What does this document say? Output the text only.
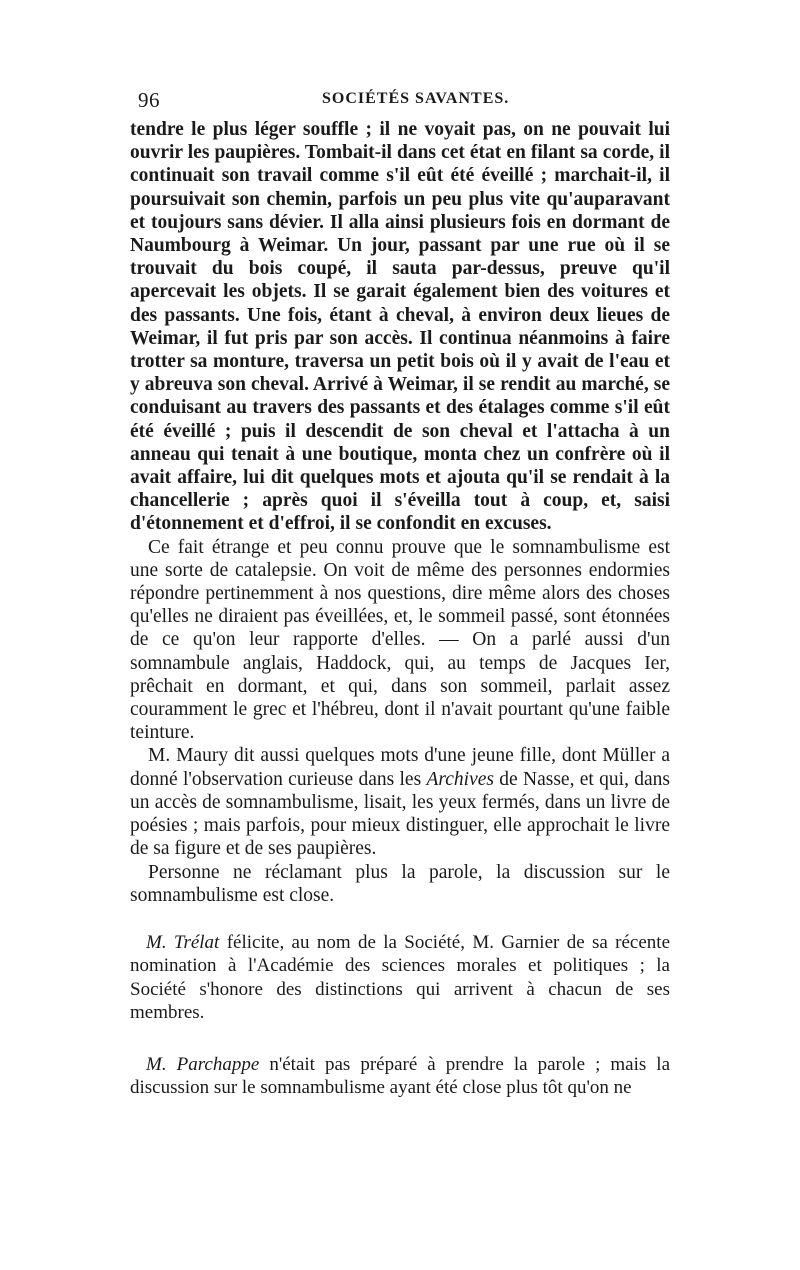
96	SOCIÉTÉS SAVANTES.

tendre le plus léger souffle ; il ne voyait pas, on ne pouvait lui ouvrir les paupières. Tombait-il dans cet état en filant sa corde, il continuait son travail comme s'il eût été éveillé ; marchait-il, il poursuivait son chemin, parfois un peu plus vite qu'auparavant et toujours sans dévier. Il alla ainsi plusieurs fois en dormant de Naumbourg à Weimar. Un jour, passant par une rue où il se trouvait du bois coupé, il sauta par-dessus, preuve qu'il apercevait les objets. Il se garait également bien des voitures et des passants. Une fois, étant à cheval, à environ deux lieues de Weimar, il fut pris par son accès. Il continua néanmoins à faire trotter sa monture, traversa un petit bois où il y avait de l'eau et y abreuva son cheval. Arrivé à Weimar, il se rendit au marché, se conduisant au travers des passants et des étalages comme s'il eût été éveillé ; puis il descendit de son cheval et l'attacha à un anneau qui tenait à une boutique, monta chez un confrère où il avait affaire, lui dit quelques mots et ajouta qu'il se rendait à la chancellerie ; après quoi il s'éveilla tout à coup, et, saisi d'étonnement et d'effroi, il se confondit en excuses.

Ce fait étrange et peu connu prouve que le somnambulisme est une sorte de catalepsie. On voit de même des personnes endormies répondre pertinemment à nos questions, dire même alors des choses qu'elles ne diraient pas éveillées, et, le sommeil passé, sont étonnées de ce qu'on leur rapporte d'elles. — On a parlé aussi d'un somnambule anglais, Haddock, qui, au temps de Jacques Ier, prêchait en dormant, et qui, dans son sommeil, parlait assez couramment le grec et l'hébreu, dont il n'avait pourtant qu'une faible teinture.

M. Maury dit aussi quelques mots d'une jeune fille, dont Müller a donné l'observation curieuse dans les Archives de Nasse, et qui, dans un accès de somnambulisme, lisait, les yeux fermés, dans un livre de poésies ; mais parfois, pour mieux distinguer, elle approchait le livre de sa figure et de ses paupières.

Personne ne réclamant plus la parole, la discussion sur le somnambulisme est close.

M. Trélat félicite, au nom de la Société, M. Garnier de sa récente nomination à l'Académie des sciences morales et politiques ; la Société s'honore des distinctions qui arrivent à chacun de ses membres.

M. Parchappe n'était pas préparé à prendre la parole ; mais la discussion sur le somnambulisme ayant été close plus tôt qu'on ne
